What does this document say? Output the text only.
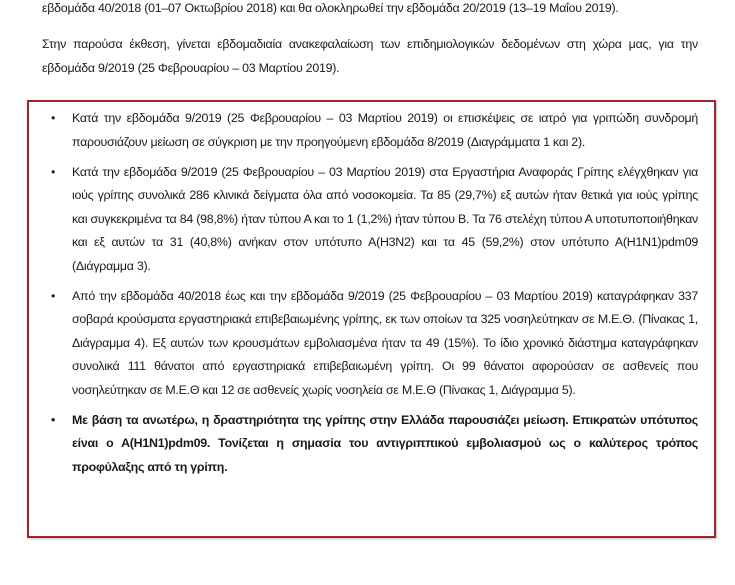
εβδομάδα 40/2018 (01–07 Οκτωβρίου 2018) και θα ολοκληρωθεί την εβδομάδα 20/2019 (13–19 Μαΐου 2019).

Στην παρούσα έκθεση, γίνεται εβδομαδιαία ανακεφαλαίωση των επιδημιολογικών δεδομένων στη χώρα μας, για την εβδομάδα 9/2019 (25 Φεβρουαρίου – 03 Μαρτίου 2019).

• Κατά την εβδομάδα 9/2019 (25 Φεβρουαρίου – 03 Μαρτίου 2019) οι επισκέψεις σε ιατρό για γριπώδη συνδρομή παρουσιάζουν μείωση σε σύγκριση με την προηγούμενη εβδομάδα 8/2019 (Διαγράμματα 1 και 2).
• Κατά την εβδομάδα 9/2019 (25 Φεβρουαρίου – 03 Μαρτίου 2019) στα Εργαστήρια Αναφοράς Γρίπης ελέγχθηκαν για ιούς γρίπης συνολικά 286 κλινικά δείγματα όλα από νοσοκομεία. Τα 85 (29,7%) εξ αυτών ήταν θετικά για ιούς γρίπης και συγκεκριμένα τα 84 (98,8%) ήταν τύπου Α και το 1 (1,2%) ήταν τύπου Β. Τα 76 στελέχη τύπου Α υποτυποποιήθηκαν και εξ αυτών τα 31 (40,8%) ανήκαν στον υπότυπο Α(Η3Ν2) και τα 45 (59,2%) στον υπότυπο Α(Η1Ν1)pdm09 (Διάγραμμα 3).
• Από την εβδομάδα 40/2018 έως και την εβδομάδα 9/2019 (25 Φεβρουαρίου – 03 Μαρτίου 2019) καταγράφηκαν 337 σοβαρά κρούσματα εργαστηριακά επιβεβαιωμένης γρίπης, εκ των οποίων τα 325 νοσηλεύτηκαν σε Μ.Ε.Θ. (Πίνακας 1, Διάγραμμα 4). Εξ αυτών των κρουσμάτων εμβολιασμένα ήταν τα 49 (15%). Το ίδιο χρονικό διάστημα καταγράφηκαν συνολικά 111 θάνατοι από εργαστηριακά επιβεβαιωμένη γρίπη. Οι 99 θάνατοι αφορούσαν σε ασθενείς που νοσηλεύτηκαν σε Μ.Ε.Θ και 12 σε ασθενείς χωρίς νοσηλεία σε Μ.Ε.Θ (Πίνακας 1, Διάγραμμα 5).
• Με βάση τα ανωτέρω, η δραστηριότητα της γρίπης στην Ελλάδα παρουσιάζει μείωση. Επικρατών υπότυπος είναι ο Α(Η1Ν1)pdm09. Τονίζεται η σημασία του αντιγριππικού εμβολιασμού ως ο καλύτερος τρόπος προφύλαξης από τη γρίπη.
